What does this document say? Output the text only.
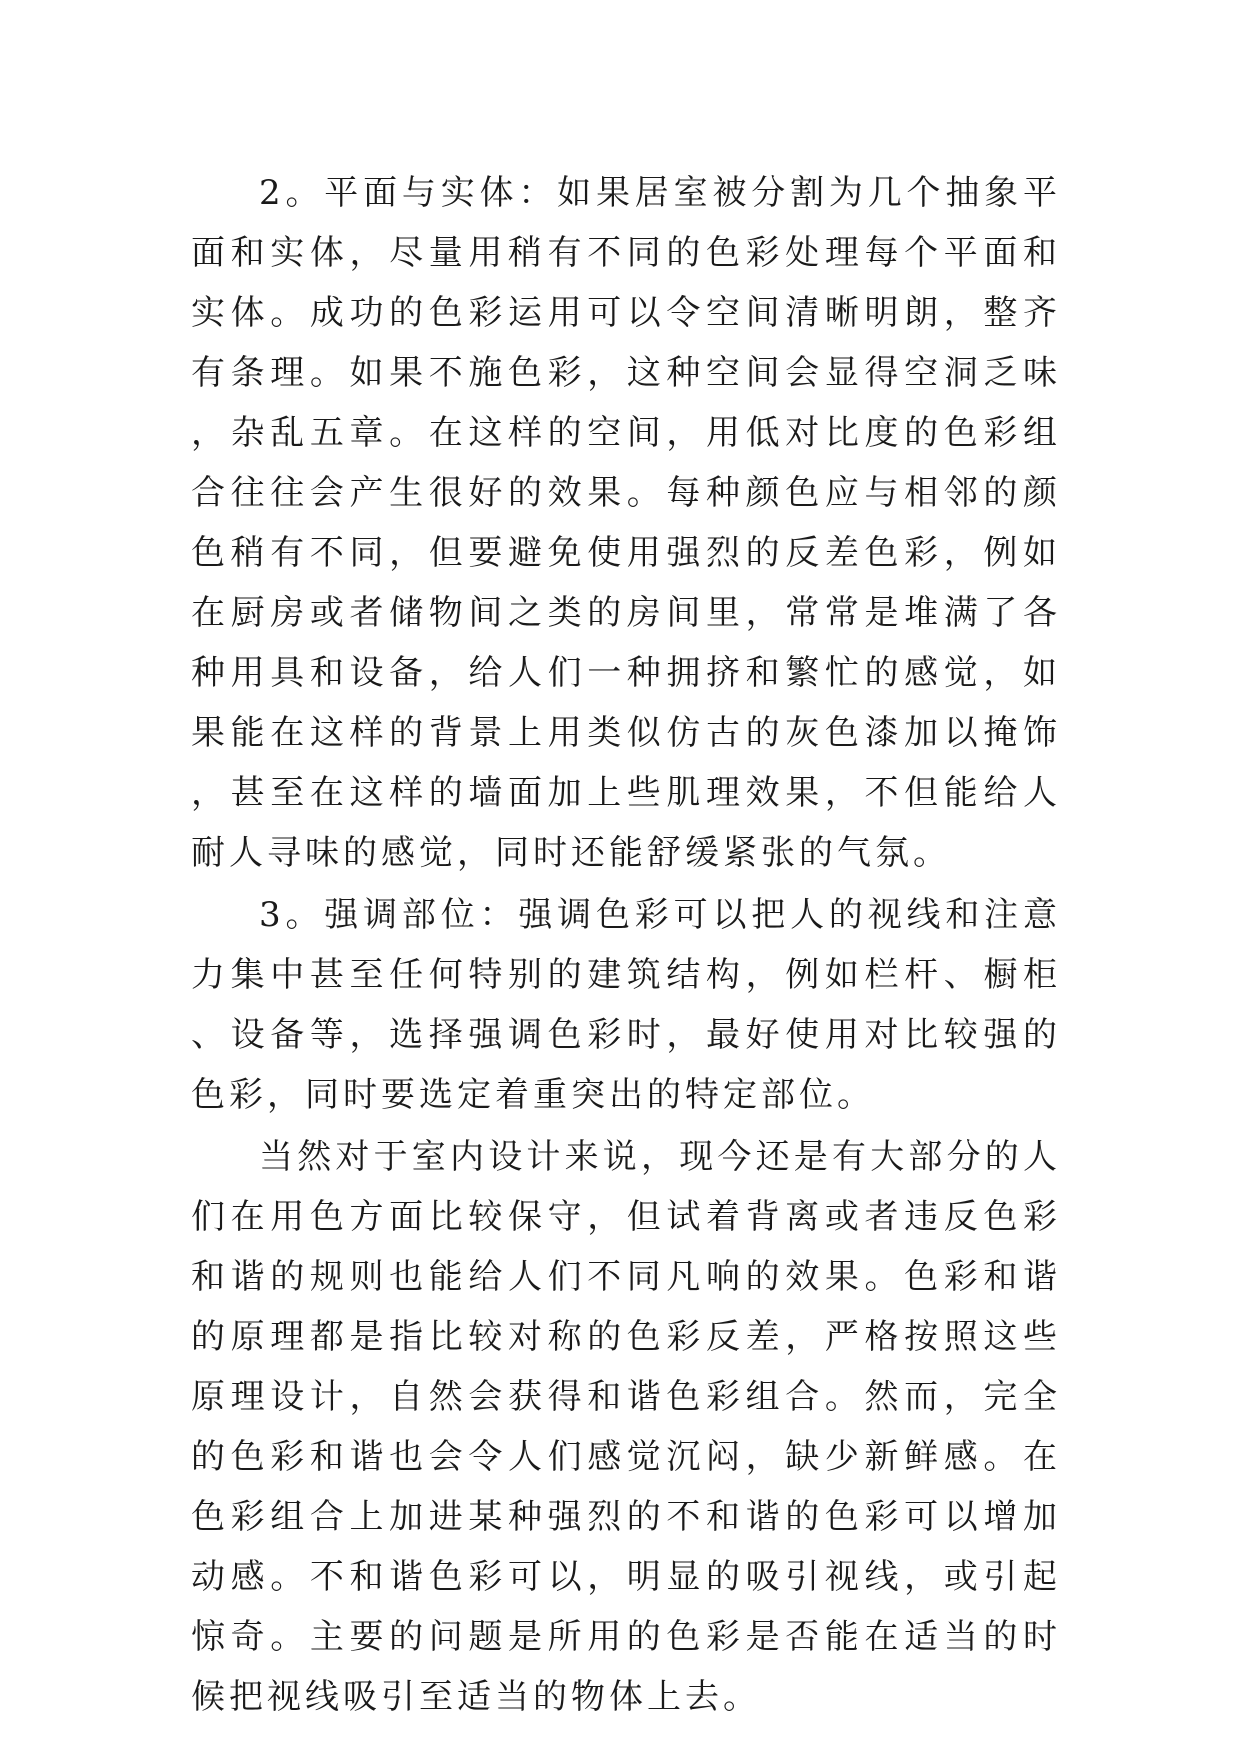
2。平面与实体：如果居室被分割为几个抽象平面和实体，尽量用稍有不同的色彩处理每个平面和实体。成功的色彩运用可以令空间清晰明朗，整齐有条理。如果不施色彩，这种空间会显得空洞乏味，杂乱五章。在这样的空间，用低对比度的色彩组合往往会产生很好的效果。每种颜色应与相邻的颜色稍有不同，但要避免使用强烈的反差色彩，例如在厨房或者储物间之类的房间里，常常是堆满了各种用具和设备，给人们一种拥挤和繁忙的感觉，如果能在这样的背景上用类似仿古的灰色漆加以掩饰，甚至在这样的墙面加上些肌理效果，不但能给人耐人寻味的感觉，同时还能舒缓紧张的气氛。

3。强调部位：强调色彩可以把人的视线和注意力集中甚至任何特别的建筑结构，例如栏杆、橱柜、设备等，选择强调色彩时，最好使用对比较强的色彩，同时要选定着重突出的特定部位。

当然对于室内设计来说，现今还是有大部分的人们在用色方面比较保守，但试着背离或者违反色彩和谐的规则也能给人们不同凡响的效果。色彩和谐的原理都是指比较对称的色彩反差，严格按照这些原理设计，自然会获得和谐色彩组合。然而，完全的色彩和谐也会令人们感觉沉闷，缺少新鲜感。在色彩组合上加进某种强烈的不和谐的色彩可以增加动感。不和谐色彩可以，明显的吸引视线，或引起惊奇。主要的问题是所用的色彩是否能在适当的时候把视线吸引至适当的物体上去。
